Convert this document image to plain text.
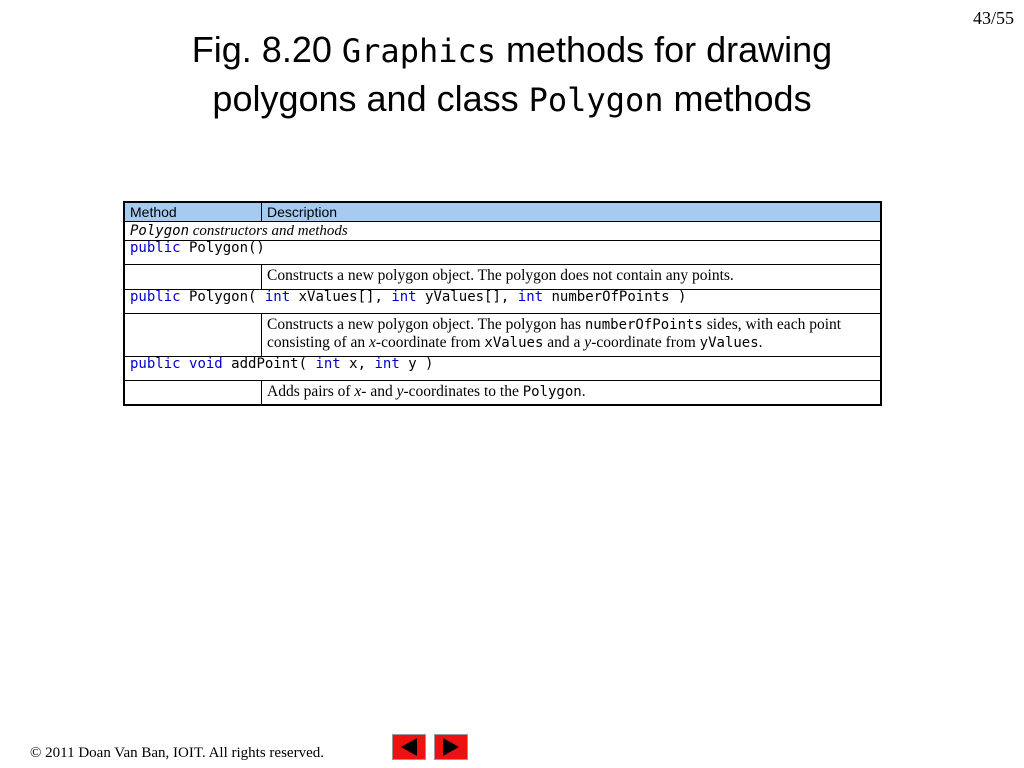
43/55
Fig. 8.20 Graphics methods for drawing
polygons and class Polygon methods
Method	Description
Polygon constructors and methods	
public Polygon()	
	Constructs a new polygon object. The polygon does not contain any points.
public Polygon( int xValues[], int yValues[], int numberOfPoints )	
	Constructs a new polygon object. The polygon has numberOfPoints sides, with each point consisting of an x-coordinate from xValues and a y-coordinate from yValues.
public void addPoint( int x, int y )	
	Adds pairs of x- and y-coordinates to the Polygon.
© 2011 Doan Van Ban, IOIT. All rights reserved.
